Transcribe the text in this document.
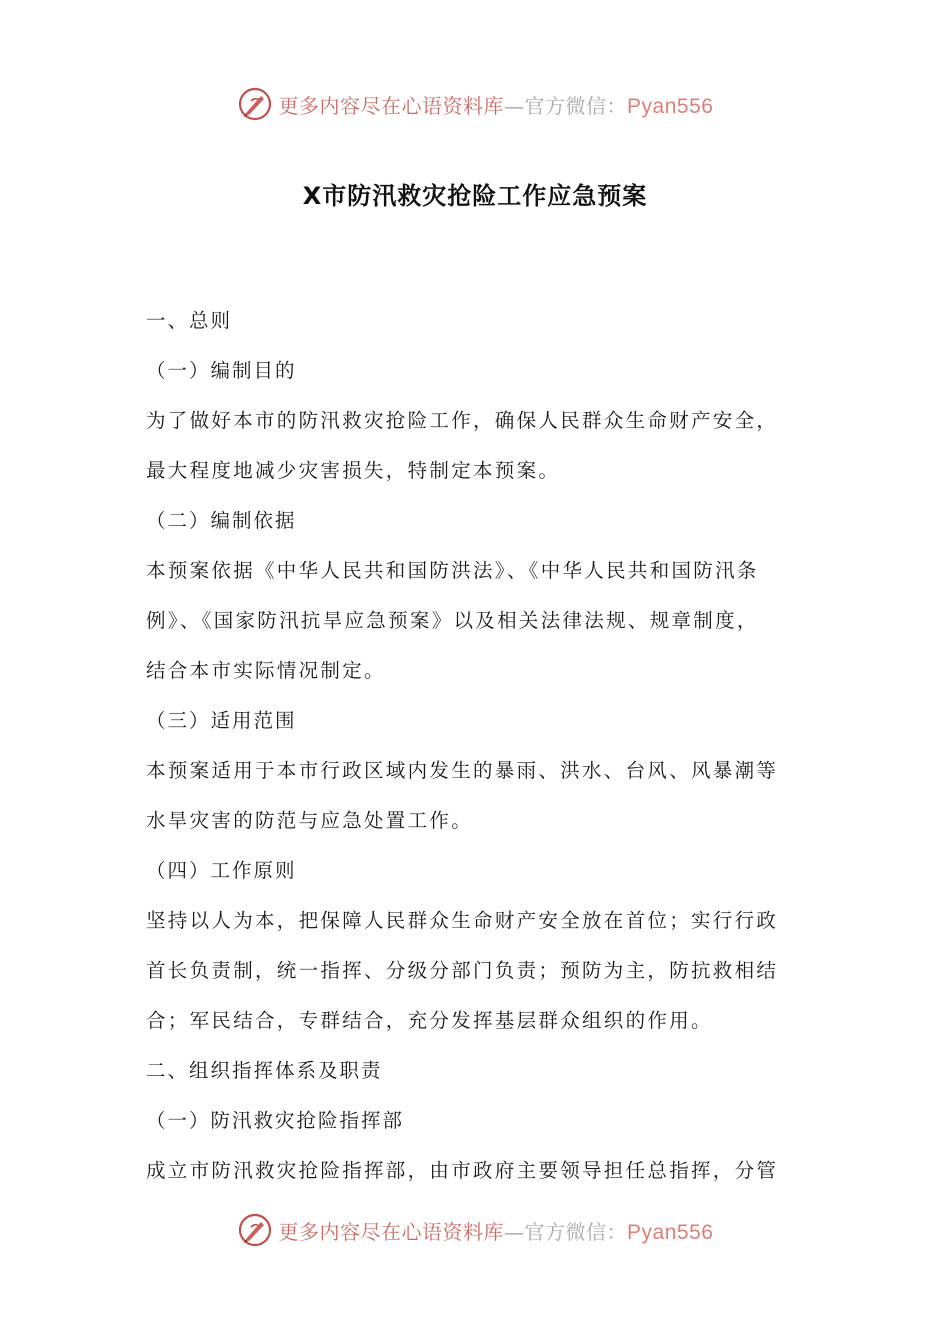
更多内容尽在心语资料库—官方微信：Pyan556
X市防汛救灾抢险工作应急预案
一、总则
（一）编制目的
为了做好本市的防汛救灾抢险工作，确保人民群众生命财产安全，
最大程度地减少灾害损失，特制定本预案。
（二）编制依据
本预案依据《中华人民共和国防洪法》、《中华人民共和国防汛条
例》、《国家防汛抗旱应急预案》以及相关法律法规、规章制度，
结合本市实际情况制定。
（三）适用范围
本预案适用于本市行政区域内发生的暴雨、洪水、台风、风暴潮等
水旱灾害的防范与应急处置工作。
（四）工作原则
坚持以人为本，把保障人民群众生命财产安全放在首位；实行行政
首长负责制，统一指挥、分级分部门负责；预防为主，防抗救相结
合；军民结合，专群结合，充分发挥基层群众组织的作用。
二、组织指挥体系及职责
（一）防汛救灾抢险指挥部
成立市防汛救灾抢险指挥部，由市政府主要领导担任总指挥，分管
更多内容尽在心语资料库—官方微信：Pyan556
